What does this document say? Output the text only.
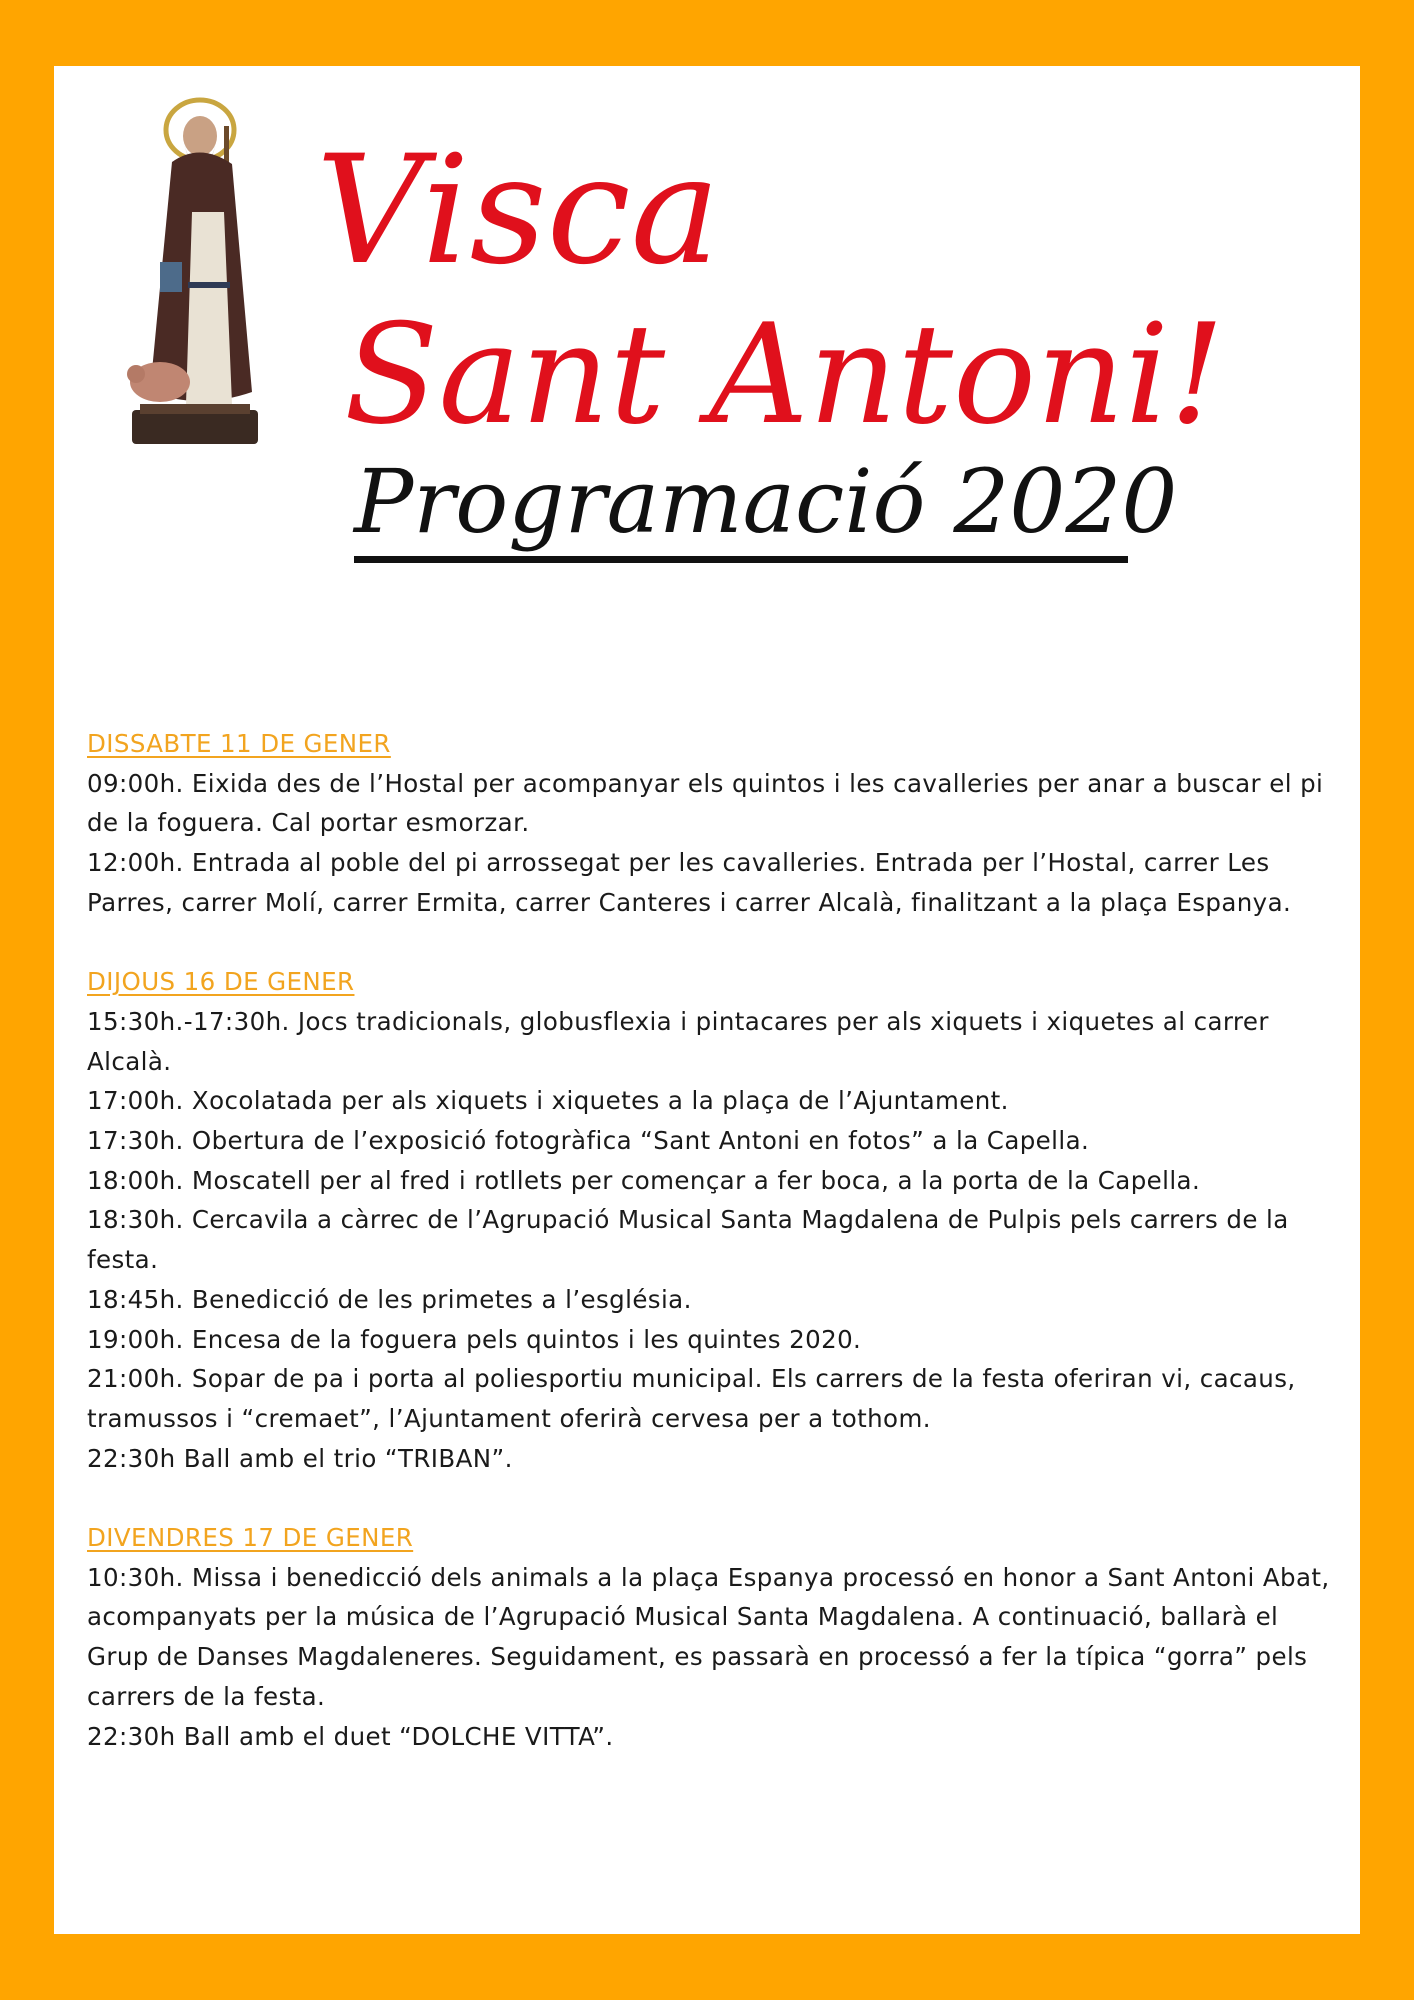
Visca
Sant Antoni!
Programació 2020
DISSABTE 11 DE GENER
09:00h. Eixida des de l’Hostal per acompanyar els quintos i les cavalleries per anar a buscar el pi de la foguera. Cal portar esmorzar.
12:00h. Entrada al poble del pi arrossegat per les cavalleries. Entrada per l’Hostal, carrer Les Parres, carrer Molí, carrer Ermita, carrer Canteres i carrer Alcalà, finalitzant a la plaça Espanya.
DIJOUS 16 DE GENER
15:30h.-17:30h. Jocs tradicionals, globusflexia i pintacares per als xiquets i xiquetes al carrer Alcalà.
17:00h. Xocolatada per als xiquets i xiquetes a la plaça de l’Ajuntament.
17:30h. Obertura de l’exposició fotogràfica “Sant Antoni en fotos” a la Capella.
18:00h. Moscatell per al fred i rotllets per començar a fer boca, a la porta de la Capella.
18:30h. Cercavila a càrrec de l’Agrupació Musical Santa Magdalena de Pulpis pels carrers de la festa.
18:45h. Benedicció de les primetes a l’església.
19:00h. Encesa de la foguera pels quintos i les quintes 2020.
21:00h. Sopar de pa i porta al poliesportiu municipal. Els carrers de la festa oferiran vi, cacaus, tramussos i “cremaet”, l’Ajuntament oferirà cervesa per a tothom.
22:30h Ball amb el trio “TRIBAN”.
DIVENDRES 17 DE GENER
10:30h. Missa i benedicció dels animals a la plaça Espanya processó en honor a Sant Antoni Abat, acompanyats per la música de l’Agrupació Musical Santa Magdalena. A continuació, ballarà el Grup de Danses Magdaleneres. Seguidament, es passarà en processó a fer la típica “gorra” pels carrers de la festa.
22:30h Ball amb el duet “DOLCHE VITTA”.
